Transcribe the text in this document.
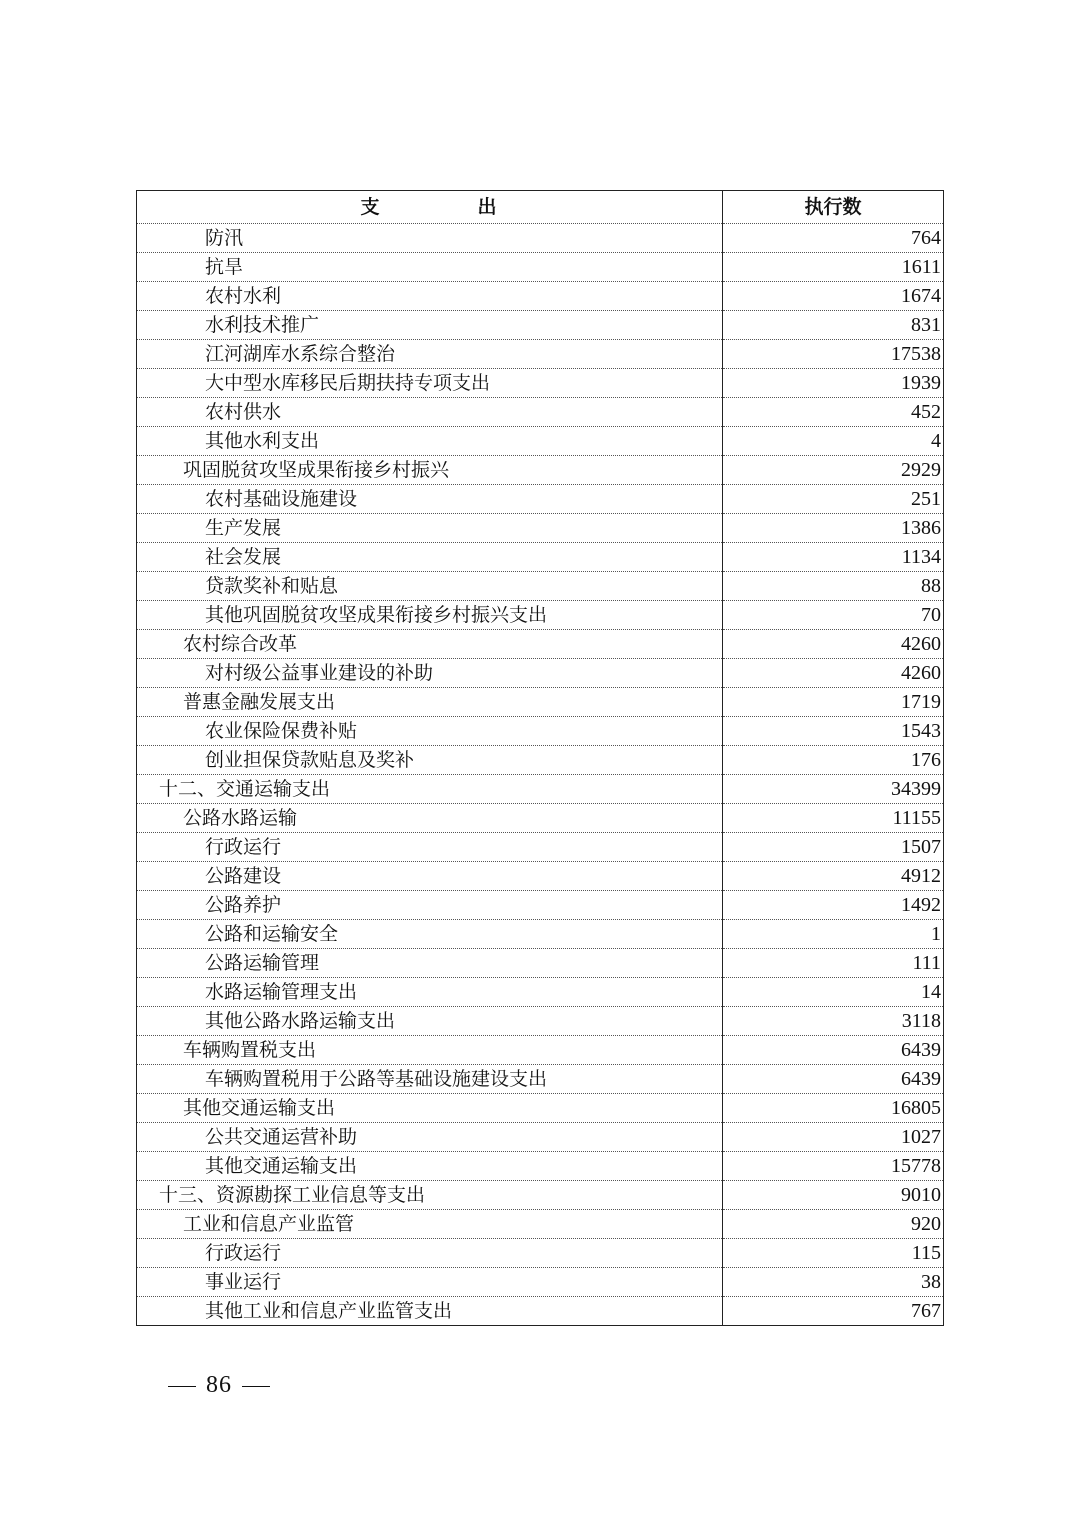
支 出	执行数
防汛	764
抗旱	1611
农村水利	1674
水利技术推广	831
江河湖库水系综合整治	17538
大中型水库移民后期扶持专项支出	1939
农村供水	452
其他水利支出	4
巩固脱贫攻坚成果衔接乡村振兴	2929
农村基础设施建设	251
生产发展	1386
社会发展	1134
贷款奖补和贴息	88
其他巩固脱贫攻坚成果衔接乡村振兴支出	70
农村综合改革	4260
对村级公益事业建设的补助	4260
普惠金融发展支出	1719
农业保险保费补贴	1543
创业担保贷款贴息及奖补	176
十二、交通运输支出	34399
公路水路运输	11155
行政运行	1507
公路建设	4912
公路养护	1492
公路和运输安全	1
公路运输管理	111
水路运输管理支出	14
其他公路水路运输支出	3118
车辆购置税支出	6439
车辆购置税用于公路等基础设施建设支出	6439
其他交通运输支出	16805
公共交通运营补助	1027
其他交通运输支出	15778
十三、资源勘探工业信息等支出	9010
工业和信息产业监管	920
行政运行	115
事业运行	38
其他工业和信息产业监管支出	767
86
